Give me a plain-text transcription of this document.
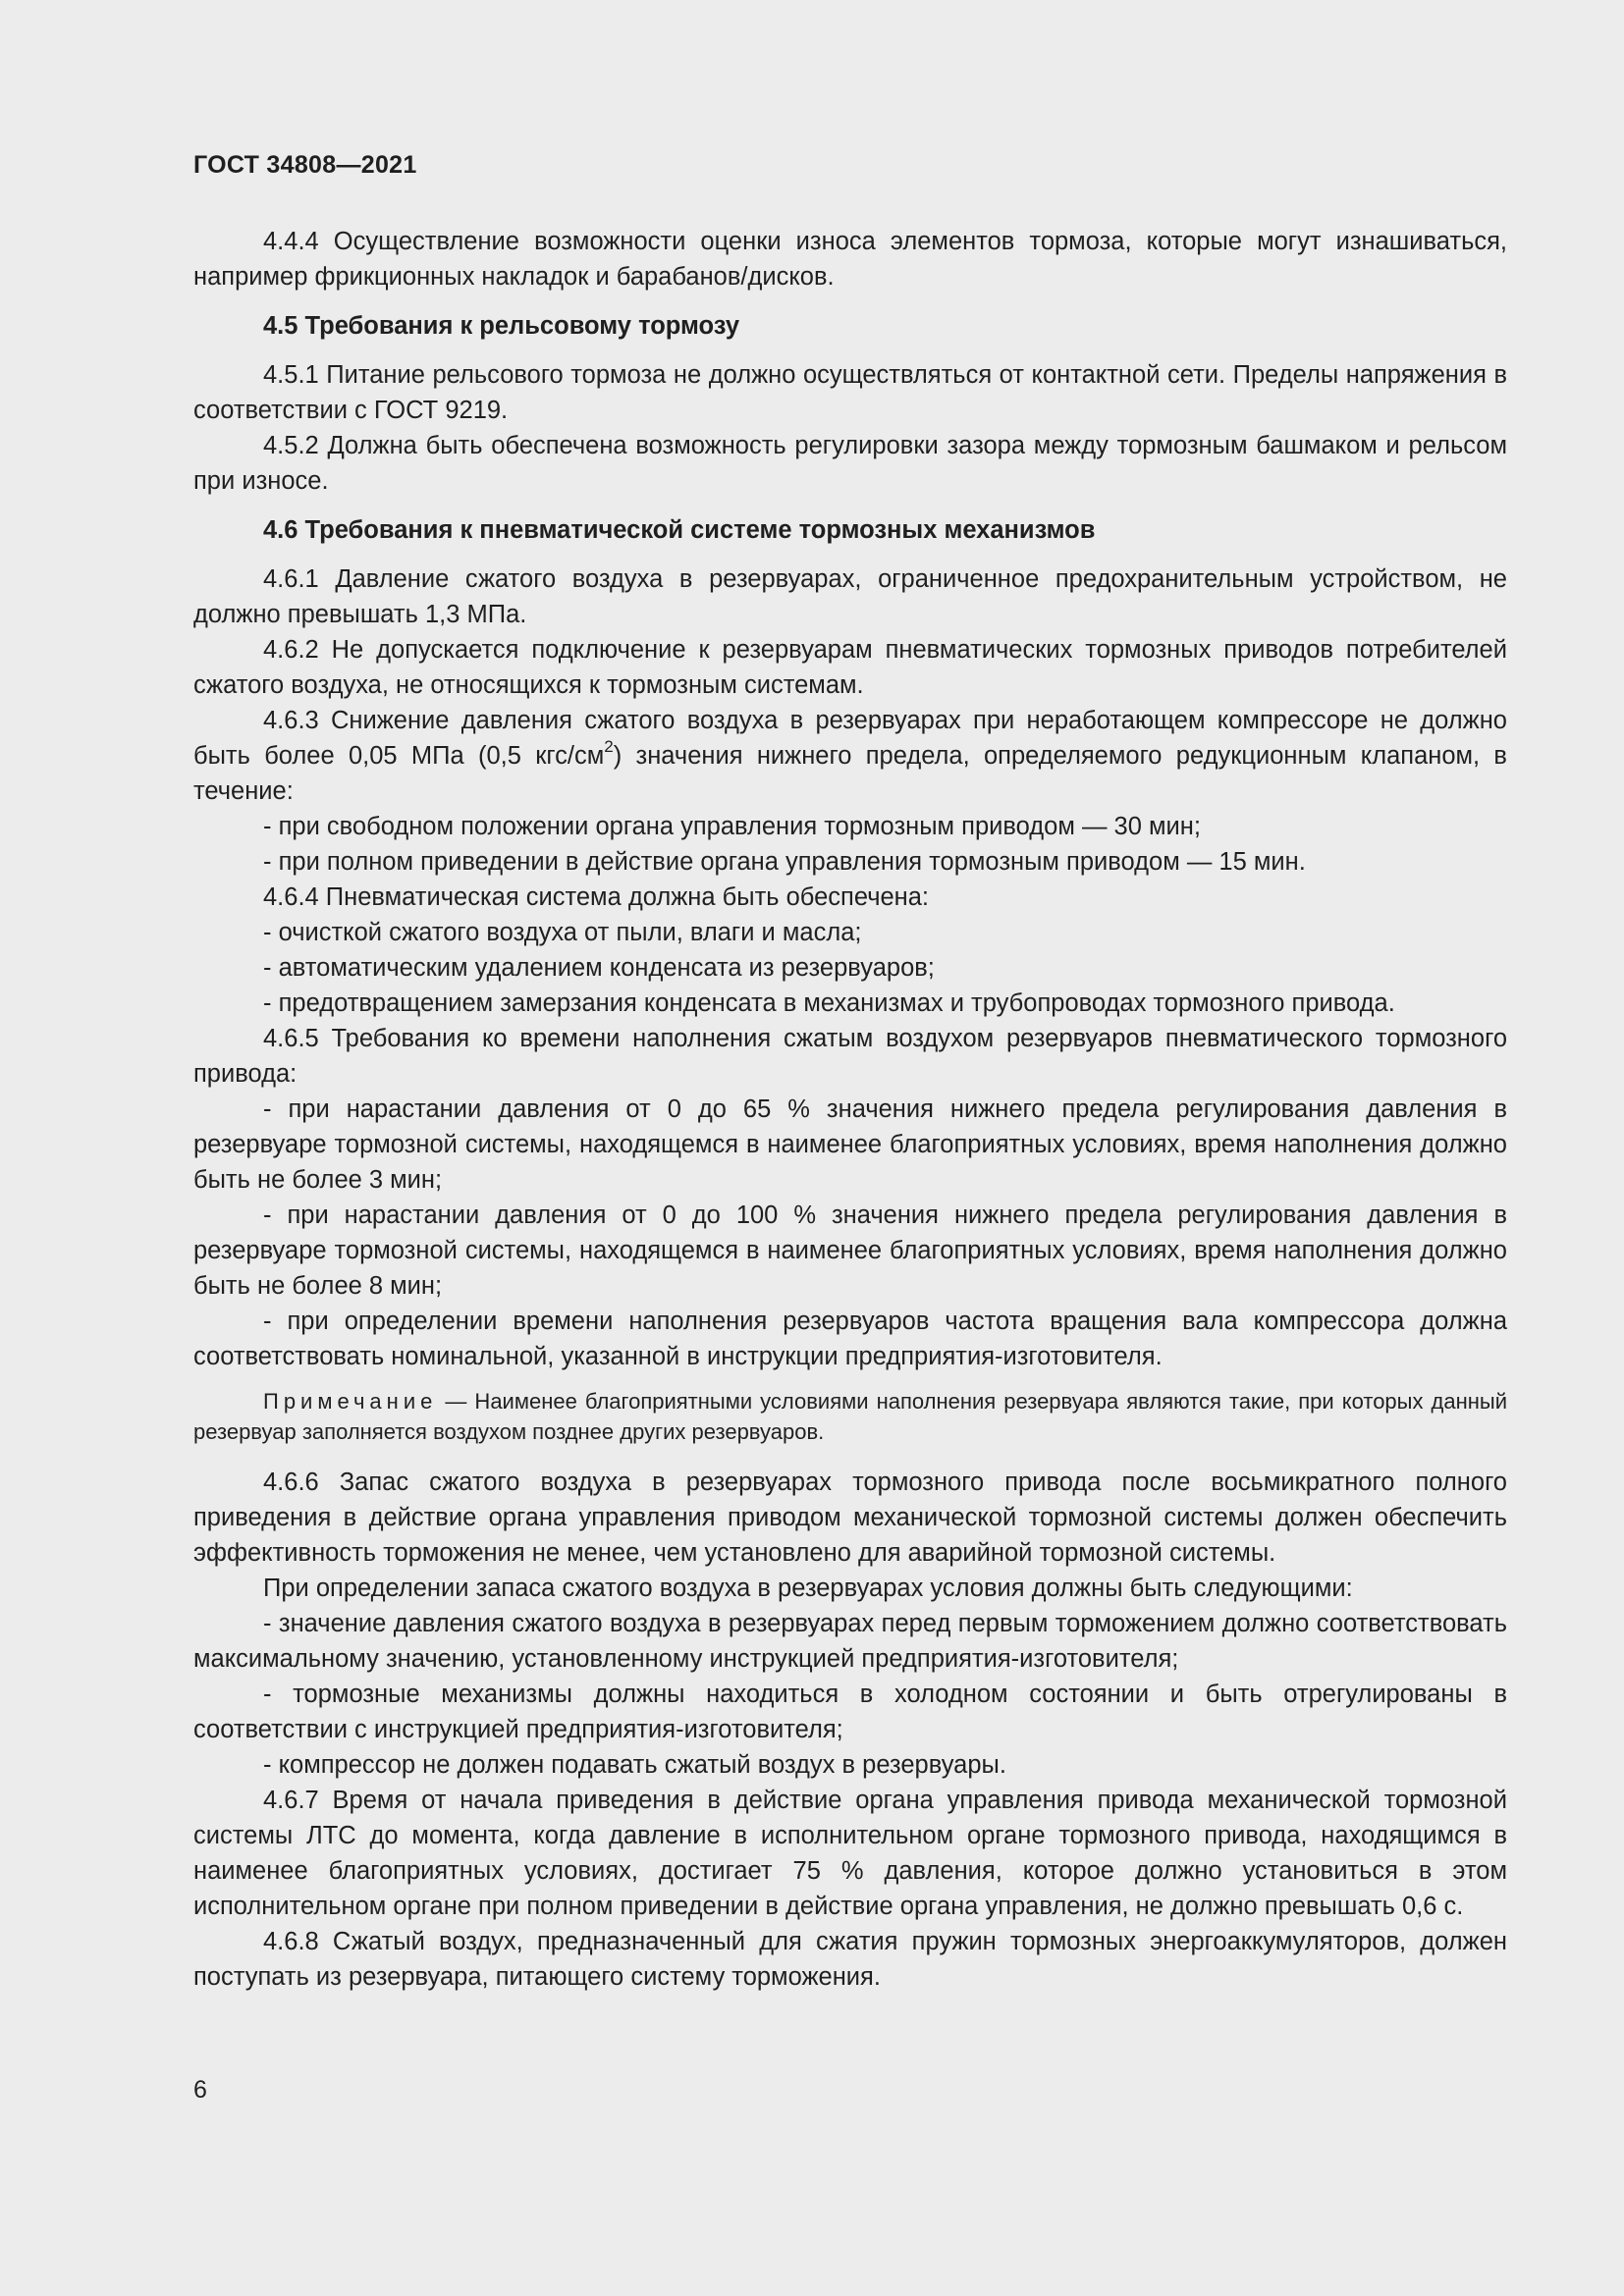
ГОСТ 34808—2021

4.4.4 Осуществление возможности оценки износа элементов тормоза, которые могут изнашиваться, например фрикционных накладок и барабанов/дисков.

4.5 Требования к рельсовому тормозу

4.5.1 Питание рельсового тормоза не должно осуществляться от контактной сети. Пределы напряжения в соответствии с ГОСТ 9219.

4.5.2 Должна быть обеспечена возможность регулировки зазора между тормозным башмаком и рельсом при износе.

4.6 Требования к пневматической системе тормозных механизмов

4.6.1 Давление сжатого воздуха в резервуарах, ограниченное предохранительным устройством, не должно превышать 1,3 МПа.

4.6.2 Не допускается подключение к резервуарам пневматических тормозных приводов потребителей сжатого воздуха, не относящихся к тормозным системам.

4.6.3 Снижение давления сжатого воздуха в резервуарах при неработающем компрессоре не должно быть более 0,05 МПа (0,5 кгс/$см^2$) значения нижнего предела, определяемого редукционным клапаном, в течение:

- при свободном положении органа управления тормозным приводом — 30 мин;

- при полном приведении в действие органа управления тормозным приводом — 15 мин.

4.6.4 Пневматическая система должна быть обеспечена:

- очисткой сжатого воздуха от пыли, влаги и масла;

- автоматическим удалением конденсата из резервуаров;

- предотвращением замерзания конденсата в механизмах и трубопроводах тормозного привода.

4.6.5 Требования ко времени наполнения сжатым воздухом резервуаров пневматического тормозного привода:

- при нарастании давления от 0 до 65 % значения нижнего предела регулирования давления в резервуаре тормозной системы, находящемся в наименее благоприятных условиях, время наполнения должно быть не более 3 мин;

- при нарастании давления от 0 до 100 % значения нижнего предела регулирования давления в резервуаре тормозной системы, находящемся в наименее благоприятных условиях, время наполнения должно быть не более 8 мин;

- при определении времени наполнения резервуаров частота вращения вала компрессора должна соответствовать номинальной, указанной в инструкции предприятия-изготовителя.

Примечание — Наименее благоприятными условиями наполнения резервуара являются такие, при которых данный резервуар заполняется воздухом позднее других резервуаров.

4.6.6 Запас сжатого воздуха в резервуарах тормозного привода после восьмикратного полного приведения в действие органа управления приводом механической тормозной системы должен обеспечить эффективность торможения не менее, чем установлено для аварийной тормозной системы.

При определении запаса сжатого воздуха в резервуарах условия должны быть следующими:

- значение давления сжатого воздуха в резервуарах перед первым торможением должно соответствовать максимальному значению, установленному инструкцией предприятия-изготовителя;

- тормозные механизмы должны находиться в холодном состоянии и быть отрегулированы в соответствии с инструкцией предприятия-изготовителя;

- компрессор не должен подавать сжатый воздух в резервуары.

4.6.7 Время от начала приведения в действие органа управления привода механической тормозной системы ЛТС до момента, когда давление в исполнительном органе тормозного привода, находящимся в наименее благоприятных условиях, достигает 75 % давления, которое должно установиться в этом исполнительном органе при полном приведении в действие органа управления, не должно превышать 0,6 с.

4.6.8 Сжатый воздух, предназначенный для сжатия пружин тормозных энергоаккумуляторов, должен поступать из резервуара, питающего систему торможения.

6
